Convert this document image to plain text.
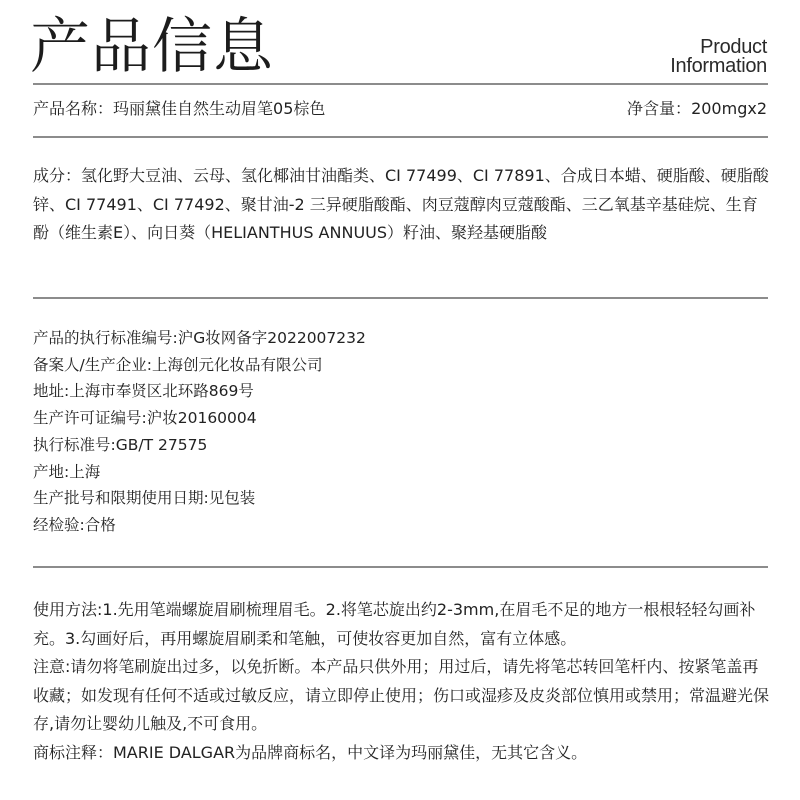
产品信息	Product
Information
产品名称：玛丽黛佳自然生动眉笔05棕色	净含量：200mgx2
成分：氢化野大豆油、云母、氢化椰油甘油酯类、CI 77499、CI 77891、合成日本蜡、硬脂酸、硬脂酸锌、CI 77491、CI 77492、聚甘油-2 三异硬脂酸酯、肉豆蔻醇肉豆蔻酸酯、三乙氧基辛基硅烷、生育酚（维生素E）、向日葵（HELIANTHUS ANNUUS）籽油、聚羟基硬脂酸
产品的执行标准编号:沪G妆网备字2022007232
备案人/生产企业:上海创元化妆品有限公司
地址:上海市奉贤区北环路869号
生产许可证编号:沪妆20160004
执行标准号:GB/T 27575
产地:上海
生产批号和限期使用日期:见包装
经检验:合格
使用方法:1.先用笔端螺旋眉刷梳理眉毛。2.将笔芯旋出约2-3mm,在眉毛不足的地方一根根轻轻勾画补充。3.勾画好后，再用螺旋眉刷柔和笔触，可使妆容更加自然，富有立体感。
注意:请勿将笔刷旋出过多，以免折断。本产品只供外用；用过后，请先将笔芯转回笔杆内、按紧笔盖再收藏；如发现有任何不适或过敏反应，请立即停止使用；伤口或湿疹及皮炎部位慎用或禁用；常温避光保存,请勿让婴幼儿触及,不可食用。
商标注释：MARIE DALGAR为品牌商标名，中文译为玛丽黛佳，无其它含义。
